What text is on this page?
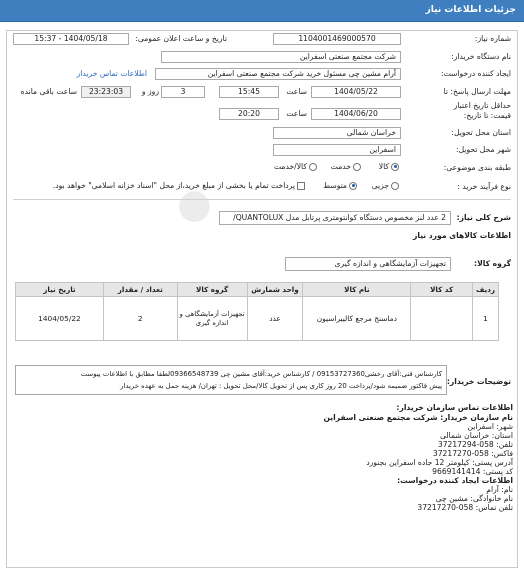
جزئیات اطلاعات نیاز
●
شماره نیاز:
1104001469000570
تاریخ و ساعت اعلان عمومی:
1404/05/18 - 15:37
نام دستگاه خریدار:
شرکت مجتمع صنعتی اسفراین
ایجاد کننده درخواست:
آرام مشین چی مسئول خرید شرکت مجتمع صنعتی اسفراین
اطلاعات تماس خریدار
مهلت ارسال پاسخ: تا
1404/05/22
ساعت
15:45
3
روز و
23:23:03
ساعت باقی مانده
حداقل تاریخ اعتبار
قیمت: تا تاریخ:
1404/06/20
ساعت
20:20
استان محل تحویل:
خراسان شمالی
شهر محل تحویل:
اسفراین
طبقه بندی موضوعی:
کالا
خدمت
کالا/خدمت
نوع فرآیند خرید :
جزیی
متوسط
پرداخت تمام یا بخشی از مبلغ خرید،از محل "اسناد خزانه اسلامی" خواهد بود.
شرح کلی نیاز:
2 عدد لنز مخصوص دستگاه کوانتومتری پرتابل مدل QUANTOLUX/
اطلاعات کالاهای مورد نیاز
گروه کالا:
تجهیزات آزمایشگاهی و اندازه گیری
ردیف	کد کالا	نام کالا	واحد شمارش	گروه کالا	تعداد / مقدار	تاریخ نیاز
1		دماسنج مرجع کالیبراسیون	عدد	تجهیزات آزمایشگاهی و اندازه گیری	2	1404/05/22
توضیحات خریدار:
کارشناس فنی:آقای رخشی09153727360 / کارشناس خرید:آقای مشین چی 09366548739لطفا مطابق با اطلاعات پیوست
پیش فاکتور ضمیمه شود/پرداخت 20 روز کاری پس از تحویل کالا/محل تحویل : تهران/ هزینه حمل به عهده خریدار
اطلاعات تماس سازمان خریدار:
نام سازمان خریدار: شرکت مجتمع صنعتی اسفراین
شهر: اسفراین
استان: خراسان شمالی
تلفن: 058-37217294
فاکس: 058-37217270
آدرس پستی: کیلومتر 12 جاده اسفراین بجنورد
کد پستی: 9669141414
اطلاعات ایجاد کننده درخواست:
نام: آرام
نام خانوادگی: مشین چی
تلفن تماس: 058-37217270
